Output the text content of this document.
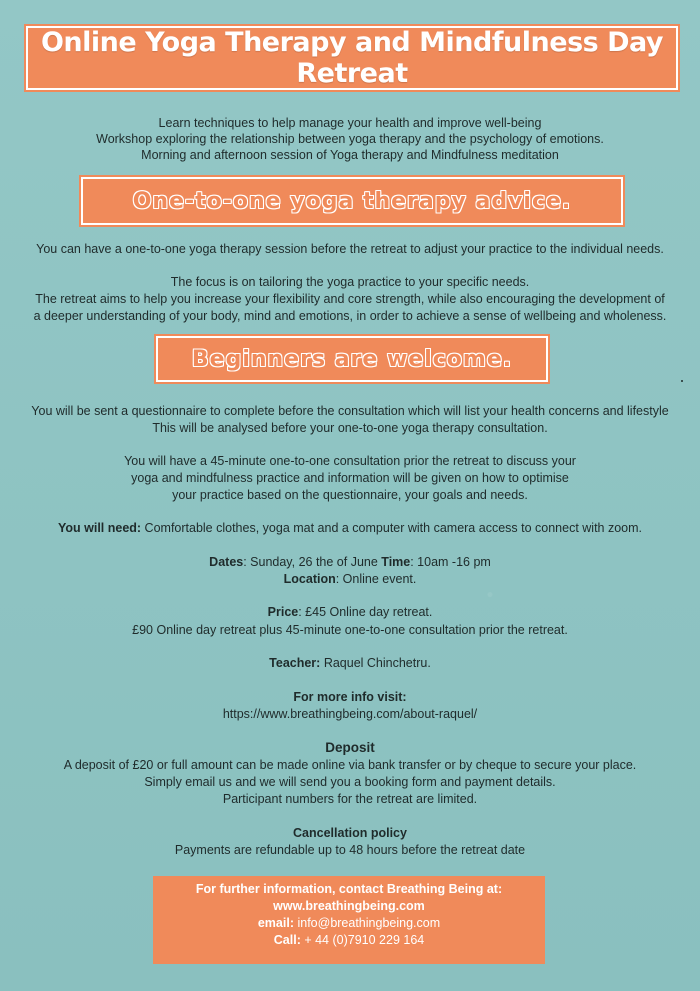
Online Yoga Therapy and Mindfulness Day Retreat
Learn techniques to help manage your health and improve well-being
Workshop exploring the relationship between yoga therapy and the psychology of emotions.
Morning and afternoon session of Yoga therapy and Mindfulness meditation
One-to-one yoga therapy advice.
You can have a one-to-one yoga therapy session before the retreat to adjust your practice to the individual needs.
The focus is on tailoring the yoga practice to your specific needs.
The retreat aims to help you increase your flexibility and core strength, while also encouraging the development of
a deeper understanding of your body, mind and emotions, in order to achieve a sense of wellbeing and wholeness.
Beginners are welcome.
You will be sent a questionnaire to complete before the consultation which will list your health concerns and lifestyle
This will be analysed before your one-to-one yoga therapy consultation.
You will have a 45-minute one-to-one consultation prior the retreat to discuss your
yoga and mindfulness practice and information will be given on how to optimise
your practice based on the questionnaire, your goals and needs.
You will need: Comfortable clothes, yoga mat and a computer with camera access to connect with zoom.
Dates: Sunday, 26 the of June Time: 10am -16 pm
Location: Online event.
Price: £45 Online day retreat.
£90 Online day retreat plus 45-minute one-to-one consultation prior the retreat.
Teacher: Raquel Chinchetru.
For more info visit:
https://www.breathingbeing.com/about-raquel/
Deposit
A deposit of £20 or full amount can be made online via bank transfer or by cheque to secure your place.
Simply email us and we will send you a booking form and payment details.
Participant numbers for the retreat are limited.
Cancellation policy
Payments are refundable up to 48 hours before the retreat date
For further information, contact Breathing Being at:
www.breathingbeing.com
email: info@breathingbeing.com
Call: + 44 (0)7910 229 164
